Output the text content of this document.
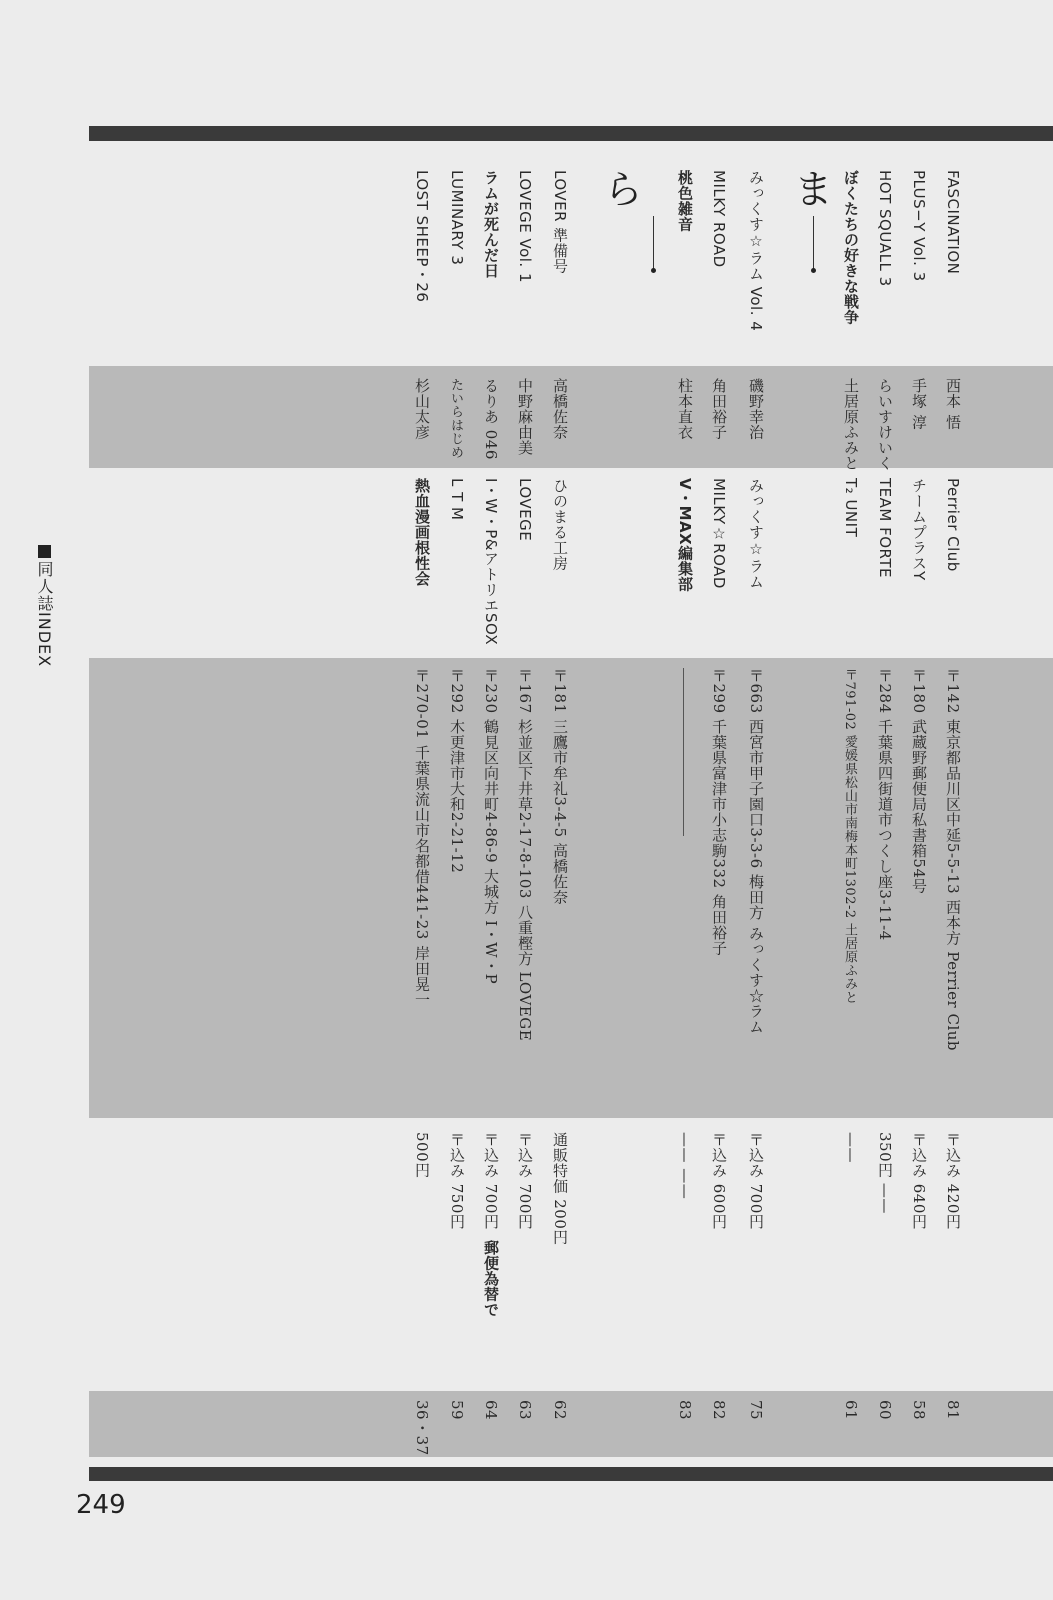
FASCINATION
西本 悟
Perrier Club
〒142 東京都品川区中延5-5-13 西本方 Perrier Club
〒込み 420円
81
PLUS−Y Vol. 3
手塚 淳
チームプラスY
〒180 武蔵野郵便局私書箱54号
〒込み 640円
58
HOT SQUALL 3
らいすけいく
TEAM FORTE
〒284 千葉県四街道市つくし座3-11-4
350円 ——
60
ぼくたちの好きな戦争
土居原ふみと
T₂ UNIT
〒791-02 愛媛県松山市南梅本町1302-2 土居原ふみと
——
61
ま
みっくす☆ラム Vol. 4
磯野幸治
みっくす☆ラム
〒663 西宮市甲子園口3-3-6 梅田方 みっくす☆ラム
〒込み 700円
75
MILKY ROAD
角田裕子
MILKY☆ROAD
〒299 千葉県富津市小志駒332 角田裕子
〒込み 600円
82
桃色雑音
柱本直衣
V・MAX編集部
—— ——
83
ら
LOVER 準備号
高橋佐奈
ひのまる工房
〒181 三鷹市牟礼3-4-5 高橋佐奈
通販特価 200円
62
LOVEGE Vol. 1
中野麻由美
LOVEGE
〒167 杉並区下井草2-17-8-103 八重樫方 LOVEGE
〒込み 700円
63
ラムが死んだ日
るりあ 046
I・W・P&アトリエSOX
〒230 鶴見区向井町4-86-9 大城方 I・W・P
〒込み 700円
郵便為替で
64
LUMINARY 3
たいらはじめ
L T M
〒292 木更津市大和2-21-12
〒込み 750円
59
LOST SHEEP・26
杉山太彦
熱血漫画根性会
〒270-01 千葉県流山市名都借441-23 岸田晃一
500円
36・37
同人誌INDEX
249
